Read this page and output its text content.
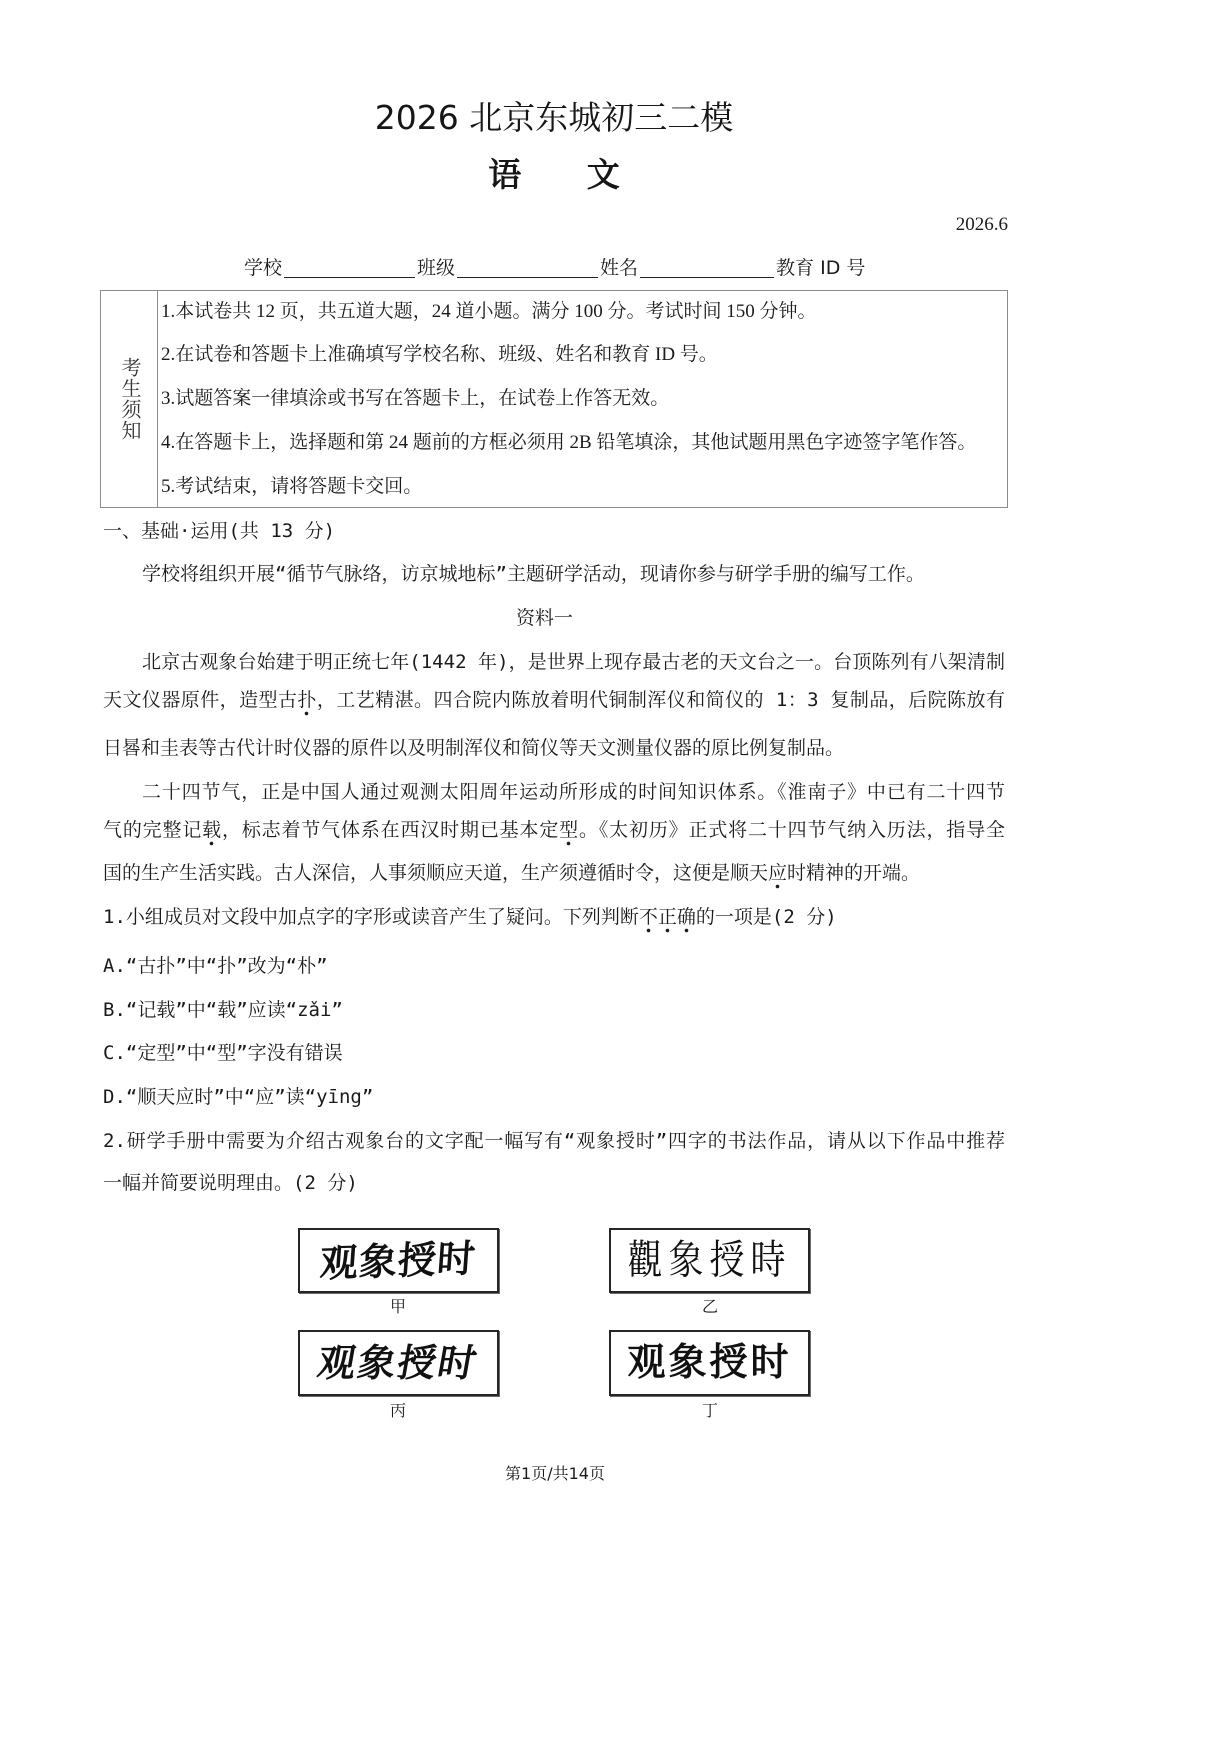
2026 北京东城初三二模
语 文
2026.6
学校	班级	姓名	教育 ID 号
考生须知
1.本试卷共 12 页，共五道大题，24 道小题。满分 100 分。考试时间 150 分钟。
2.在试卷和答题卡上准确填写学校名称、班级、姓名和教育 ID 号。
3.试题答案一律填涂或书写在答题卡上，在试卷上作答无效。
4.在答题卡上，选择题和第 24 题前的方框必须用 2B 铅笔填涂，其他试题用黑色字迹签字笔作答。
5.考试结束，请将答题卡交回。
一、基础·运用(共 13 分)
学校将组织开展“循节气脉络，访京城地标”主题研学活动，现请你参与研学手册的编写工作。
资料一
北京古观象台始建于明正统七年(1442 年)，是世界上现存最古老的天文台之一。台顶陈列有八架清制
天文仪器原件，造型古扑，工艺精湛。四合院内陈放着明代铜制浑仪和简仪的 1：3 复制品，后院陈放有
日晷和圭表等古代计时仪器的原件以及明制浑仪和简仪等天文测量仪器的原比例复制品。
二十四节气，正是中国人通过观测太阳周年运动所形成的时间知识体系。《淮南子》中已有二十四节
气的完整记载，标志着节气体系在西汉时期已基本定型。《太初历》正式将二十四节气纳入历法，指导全
国的生产生活实践。古人深信，人事须顺应天道，生产须遵循时令，这便是顺天应时精神的开端。
1.小组成员对文段中加点字的字形或读音产生了疑问。下列判断不正确的一项是(2 分)
A.“古扑”中“扑”改为“朴”
B.“记载”中“载”应读“zǎi”
C.“定型”中“型”字没有错误
D.“顺天应时”中“应”读“yīng”
2.研学手册中需要为介绍古观象台的文字配一幅写有“观象授时”四字的书法作品，请从以下作品中推荐
一幅并简要说明理由。(2 分)
观象授时
甲
觀象授時
乙
观象授时
丙
观象授时
丁
第1页/共14页
